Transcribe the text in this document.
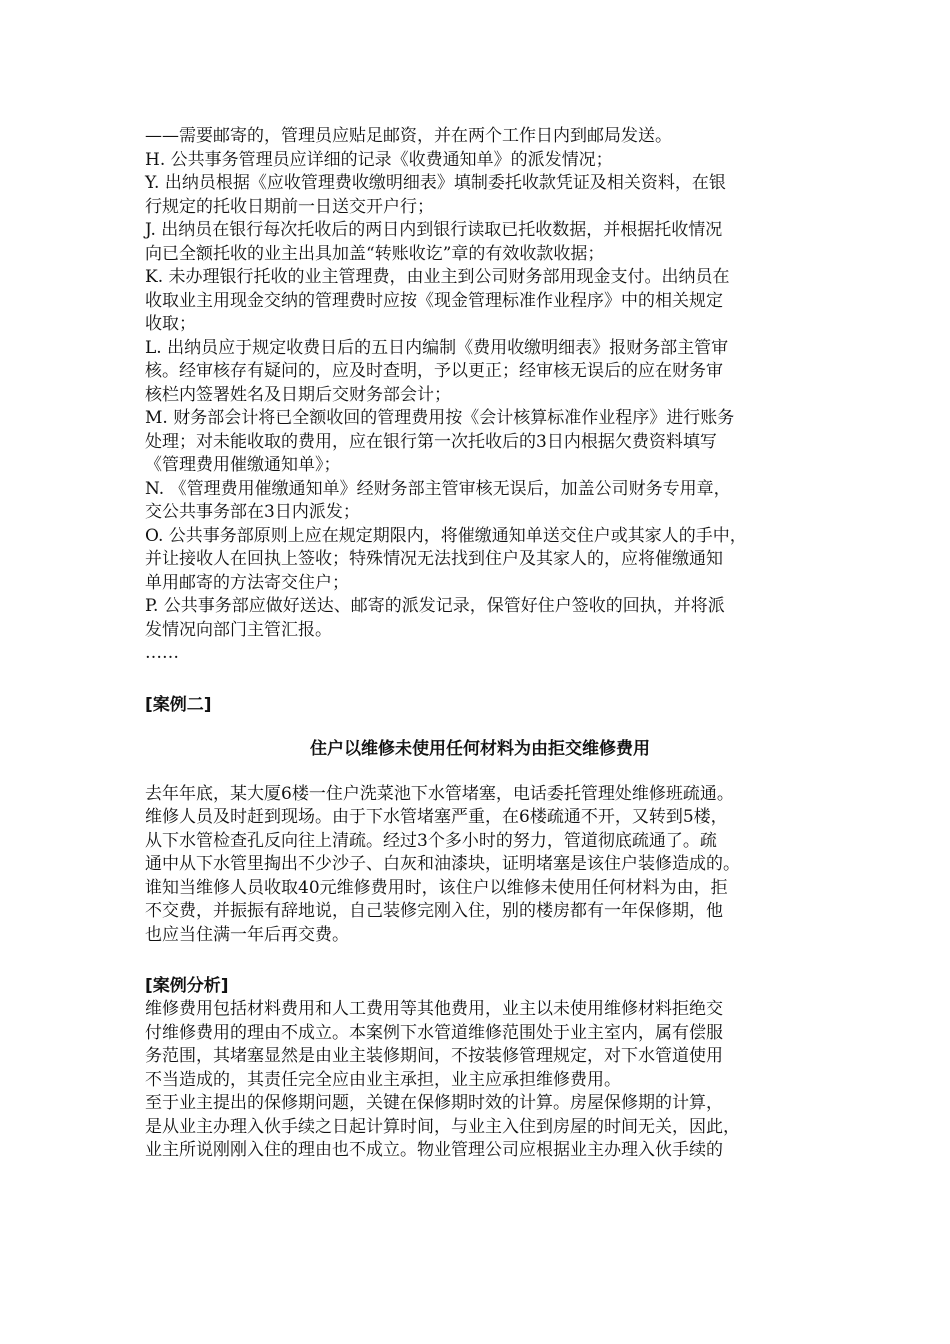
——需要邮寄的，管理员应贴足邮资，并在两个工作日内到邮局发送。
H. 公共事务管理员应详细的记录《收费通知单》的派发情况；
Y. 出纳员根据《应收管理费收缴明细表》填制委托收款凭证及相关资料，在银
行规定的托收日期前一日送交开户行；
J. 出纳员在银行每次托收后的两日内到银行读取已托收数据，并根据托收情况
向已全额托收的业主出具加盖“转账收讫”章的有效收款收据；
K. 未办理银行托收的业主管理费，由业主到公司财务部用现金支付。出纳员在
收取业主用现金交纳的管理费时应按《现金管理标准作业程序》中的相关规定
收取；
L. 出纳员应于规定收费日后的五日内编制《费用收缴明细表》报财务部主管审
核。经审核存有疑问的，应及时查明，予以更正；经审核无误后的应在财务审
核栏内签署姓名及日期后交财务部会计；
M. 财务部会计将已全额收回的管理费用按《会计核算标准作业程序》进行账务
处理；对未能收取的费用，应在银行第一次托收后的3日内根据欠费资料填写
《管理费用催缴通知单》；
N. 《管理费用催缴通知单》经财务部主管审核无误后，加盖公司财务专用章，
交公共事务部在3日内派发；
O. 公共事务部原则上应在规定期限内，将催缴通知单送交住户或其家人的手中，
并让接收人在回执上签收；特殊情况无法找到住户及其家人的，应将催缴通知
单用邮寄的方法寄交住户；
P. 公共事务部应做好送达、邮寄的派发记录，保管好住户签收的回执，并将派
发情况向部门主管汇报。
……
[案例二]
住户以维修未使用任何材料为由拒交维修费用
去年年底，某大厦6楼一住户洗菜池下水管堵塞，电话委托管理处维修班疏通。
维修人员及时赶到现场。由于下水管堵塞严重，在6楼疏通不开，又转到5楼，
从下水管检查孔反向往上清疏。经过3个多小时的努力，管道彻底疏通了。疏
通中从下水管里掏出不少沙子、白灰和油漆块，证明堵塞是该住户装修造成的。
谁知当维修人员收取40元维修费用时，该住户以维修未使用任何材料为由，拒
不交费，并振振有辞地说，自己装修完刚入住，别的楼房都有一年保修期，他
也应当住满一年后再交费。
[案例分析]
维修费用包括材料费用和人工费用等其他费用，业主以未使用维修材料拒绝交
付维修费用的理由不成立。本案例下水管道维修范围处于业主室内，属有偿服
务范围，其堵塞显然是由业主装修期间，不按装修管理规定，对下水管道使用
不当造成的，其责任完全应由业主承担，业主应承担维修费用。
至于业主提出的保修期问题，关键在保修期时效的计算。房屋保修期的计算，
是从业主办理入伙手续之日起计算时间，与业主入住到房屋的时间无关，因此，
业主所说刚刚入住的理由也不成立。物业管理公司应根据业主办理入伙手续的
